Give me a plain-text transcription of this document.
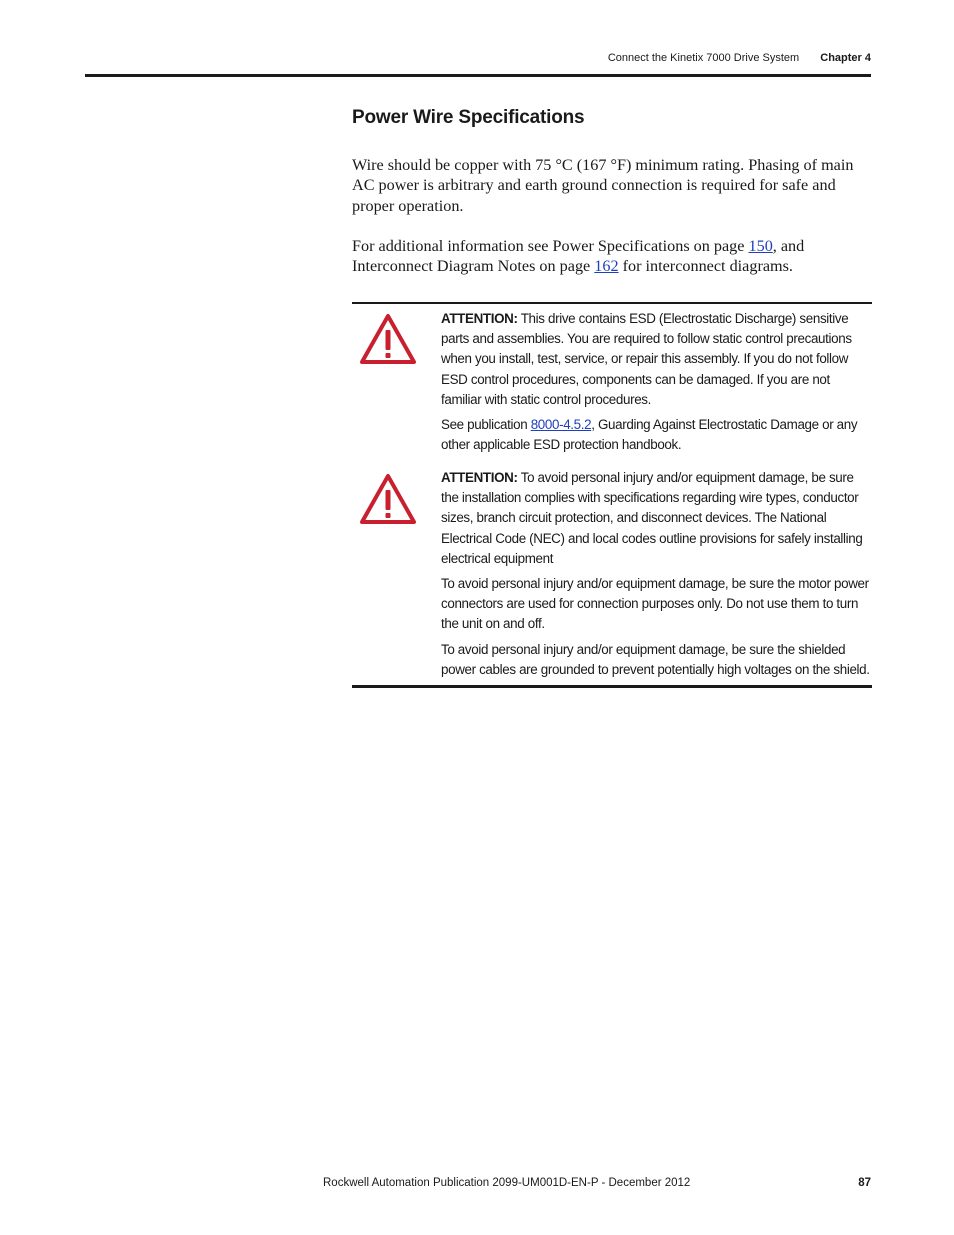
Connect the Kinetix 7000 Drive System Chapter 4
Power Wire Specifications

Wire should be copper with 75 °C (167 °F) minimum rating. Phasing of main AC power is arbitrary and earth ground connection is required for safe and proper operation.

For additional information see Power Specifications on page 150, and Interconnect Diagram Notes on page 162 for interconnect diagrams.

ATTENTION: This drive contains ESD (Electrostatic Discharge) sensitive parts and assemblies. You are required to follow static control precautions when you install, test, service, or repair this assembly. If you do not follow ESD control procedures, components can be damaged. If you are not familiar with static control procedures.

See publication 8000-4.5.2, Guarding Against Electrostatic Damage or any other applicable ESD protection handbook.

ATTENTION: To avoid personal injury and/or equipment damage, be sure the installation complies with specifications regarding wire types, conductor sizes, branch circuit protection, and disconnect devices. The National Electrical Code (NEC) and local codes outline provisions for safely installing electrical equipment

To avoid personal injury and/or equipment damage, be sure the motor power connectors are used for connection purposes only. Do not use them to turn the unit on and off.

To avoid personal injury and/or equipment damage, be sure the shielded power cables are grounded to prevent potentially high voltages on the shield.

Rockwell Automation Publication 2099-UM001D-EN-P - December 2012	87
